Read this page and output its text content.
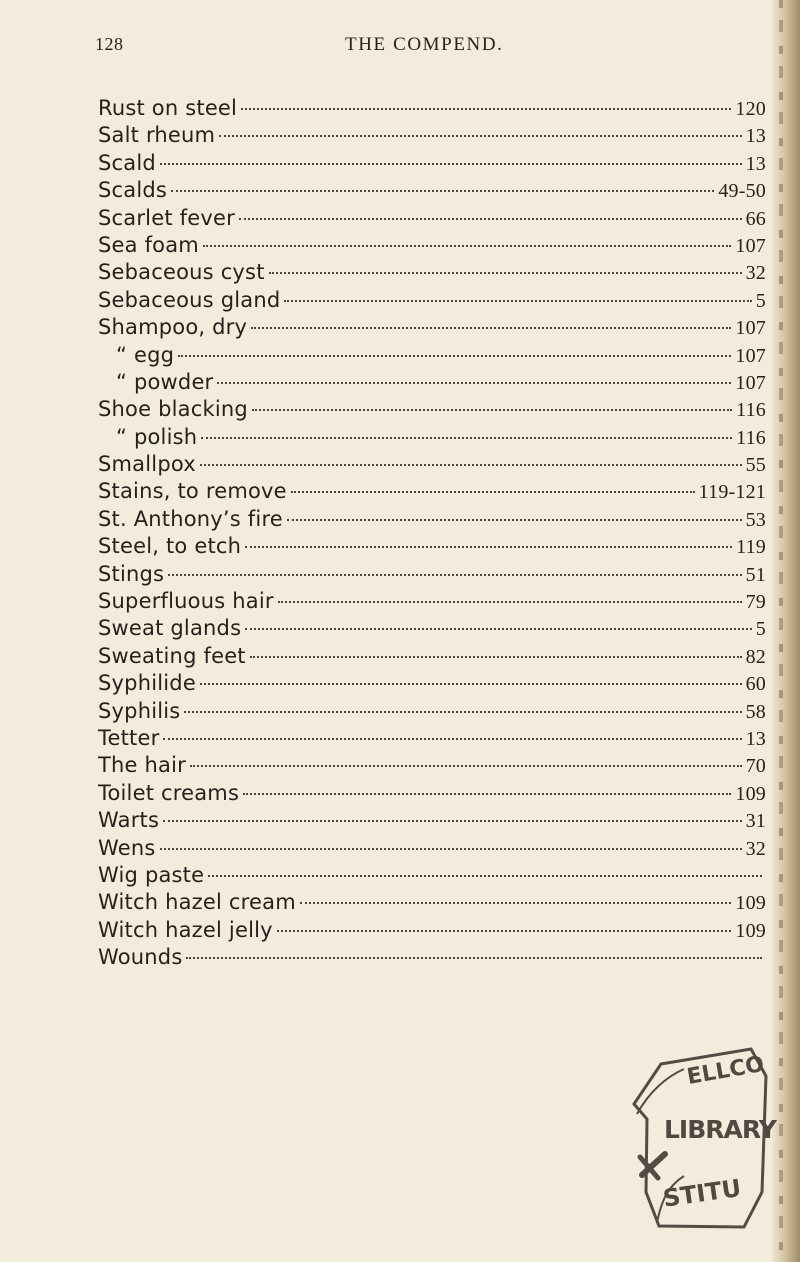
128	THE COMPEND.
Rust on steel	120
Salt rheum	13
Scald	13
Scalds	49-50
Scarlet fever	66
Sea foam	107
Sebaceous cyst	32
Sebaceous gland	5
Shampoo, dry	107
“ egg	107
“ powder	107
Shoe blacking	116
“ polish	116
Smallpox	55
Stains, to remove	119-121
St. Anthony’s fire	53
Steel, to etch	119
Stings	51
Superfluous hair	79
Sweat glands	5
Sweating feet	82
Syphilide	60
Syphilis	58
Tetter	13
The hair	70
Toilet creams	109
Warts	31
Wens	32
Wig paste
Witch hazel cream	109
Witch hazel jelly	109
Wounds
ELLCO
LIBRARY
STITU
